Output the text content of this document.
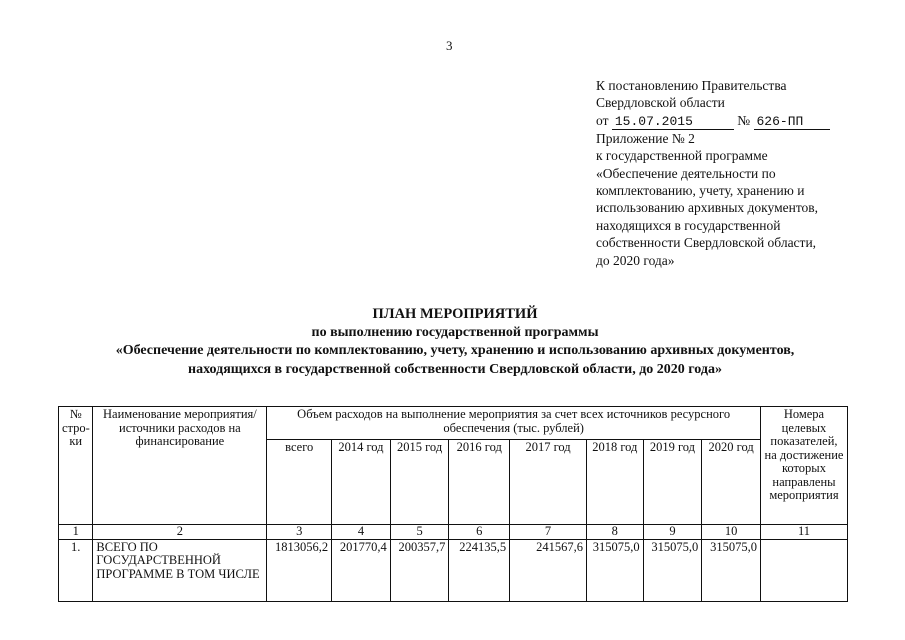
3
К постановлению Правительства
Свердловской области
от 15.07.2015	№ 626-ПП
Приложение № 2
к государственной программе
«Обеспечение деятельности по
комплектованию, учету, хранению и
использованию архивных документов,
находящихся в государственной
собственности Свердловской области,
до 2020 года»
ПЛАН МЕРОПРИЯТИЙ
по выполнению государственной программы
«Обеспечение деятельности по комплектованию, учету, хранению и использованию архивных документов,
находящихся в государственной собственности Свердловской области, до 2020 года»
№ стро-ки	Наименование мероприятия/ источники расходов на финансирование	Объем расходов на выполнение мероприятия за счет всех источников ресурсного обеспечения (тыс. рублей)								Номера целевых показателей, на достижение которых направлены мероприятия
		всего	2014 год	2015 год	2016 год	2017 год	2018 год	2019 год	2020 год	
1	2	3	4	5	6	7	8	9	10	11
1.	ВСЕГО ПО ГОСУДАРСТВЕННОЙ ПРОГРАММЕ В ТОМ ЧИСЛЕ	1813056,2	201770,4	200357,7	224135,5	241567,6	315075,0	315075,0	315075,0	
